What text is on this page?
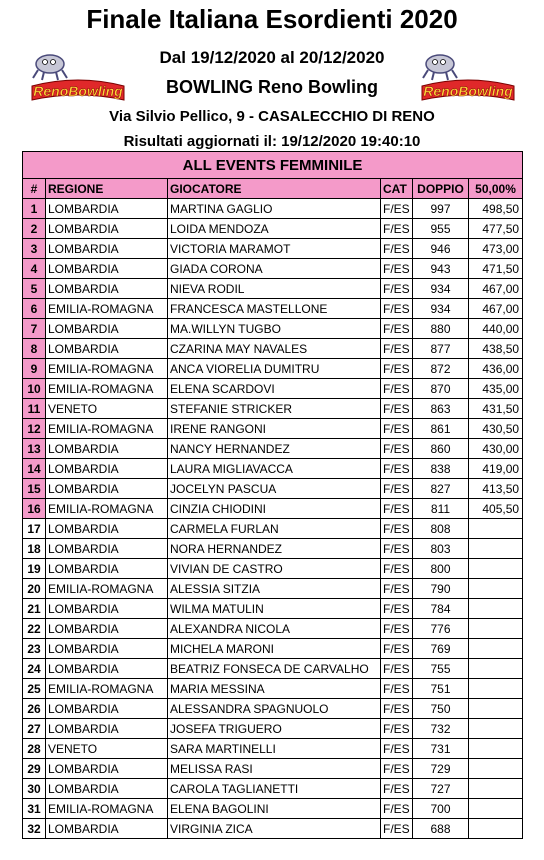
Finale Italiana Esordienti 2020
Dal 19/12/2020 al 20/12/2020
BOWLING Reno Bowling
Via Silvio Pellico, 9 - CASALECCHIO DI RENO
Risultati aggiornati il: 19/12/2020 19:40:10
RenoBowling	RenoBowling
ALL EVENTS FEMMINILE					
#	REGIONE	GIOCATORE	CAT	DOPPIO	50,00%
1	LOMBARDIA	MARTINA GAGLIO	F/ES	997	498,50
2	LOMBARDIA	LOIDA MENDOZA	F/ES	955	477,50
3	LOMBARDIA	VICTORIA MARAMOT	F/ES	946	473,00
4	LOMBARDIA	GIADA CORONA	F/ES	943	471,50
5	LOMBARDIA	NIEVA RODIL	F/ES	934	467,00
6	EMILIA-ROMAGNA	FRANCESCA MASTELLONE	F/ES	934	467,00
7	LOMBARDIA	MA.WILLYN TUGBO	F/ES	880	440,00
8	LOMBARDIA	CZARINA MAY NAVALES	F/ES	877	438,50
9	EMILIA-ROMAGNA	ANCA VIORELIA DUMITRU	F/ES	872	436,00
10	EMILIA-ROMAGNA	ELENA SCARDOVI	F/ES	870	435,00
11	VENETO	STEFANIE STRICKER	F/ES	863	431,50
12	EMILIA-ROMAGNA	IRENE RANGONI	F/ES	861	430,50
13	LOMBARDIA	NANCY HERNANDEZ	F/ES	860	430,00
14	LOMBARDIA	LAURA MIGLIAVACCA	F/ES	838	419,00
15	LOMBARDIA	JOCELYN PASCUA	F/ES	827	413,50
16	EMILIA-ROMAGNA	CINZIA CHIODINI	F/ES	811	405,50
17	LOMBARDIA	CARMELA FURLAN	F/ES	808	
18	LOMBARDIA	NORA HERNANDEZ	F/ES	803	
19	LOMBARDIA	VIVIAN DE CASTRO	F/ES	800	
20	EMILIA-ROMAGNA	ALESSIA SITZIA	F/ES	790	
21	LOMBARDIA	WILMA MATULIN	F/ES	784	
22	LOMBARDIA	ALEXANDRA NICOLA	F/ES	776	
23	LOMBARDIA	MICHELA MARONI	F/ES	769	
24	LOMBARDIA	BEATRIZ FONSECA DE CARVALHO	F/ES	755	
25	EMILIA-ROMAGNA	MARIA MESSINA	F/ES	751	
26	LOMBARDIA	ALESSANDRA SPAGNUOLO	F/ES	750	
27	LOMBARDIA	JOSEFA TRIGUERO	F/ES	732	
28	VENETO	SARA MARTINELLI	F/ES	731	
29	LOMBARDIA	MELISSA RASI	F/ES	729	
30	LOMBARDIA	CAROLA TAGLIANETTI	F/ES	727	
31	EMILIA-ROMAGNA	ELENA BAGOLINI	F/ES	700	
32	LOMBARDIA	VIRGINIA ZICA	F/ES	688	
